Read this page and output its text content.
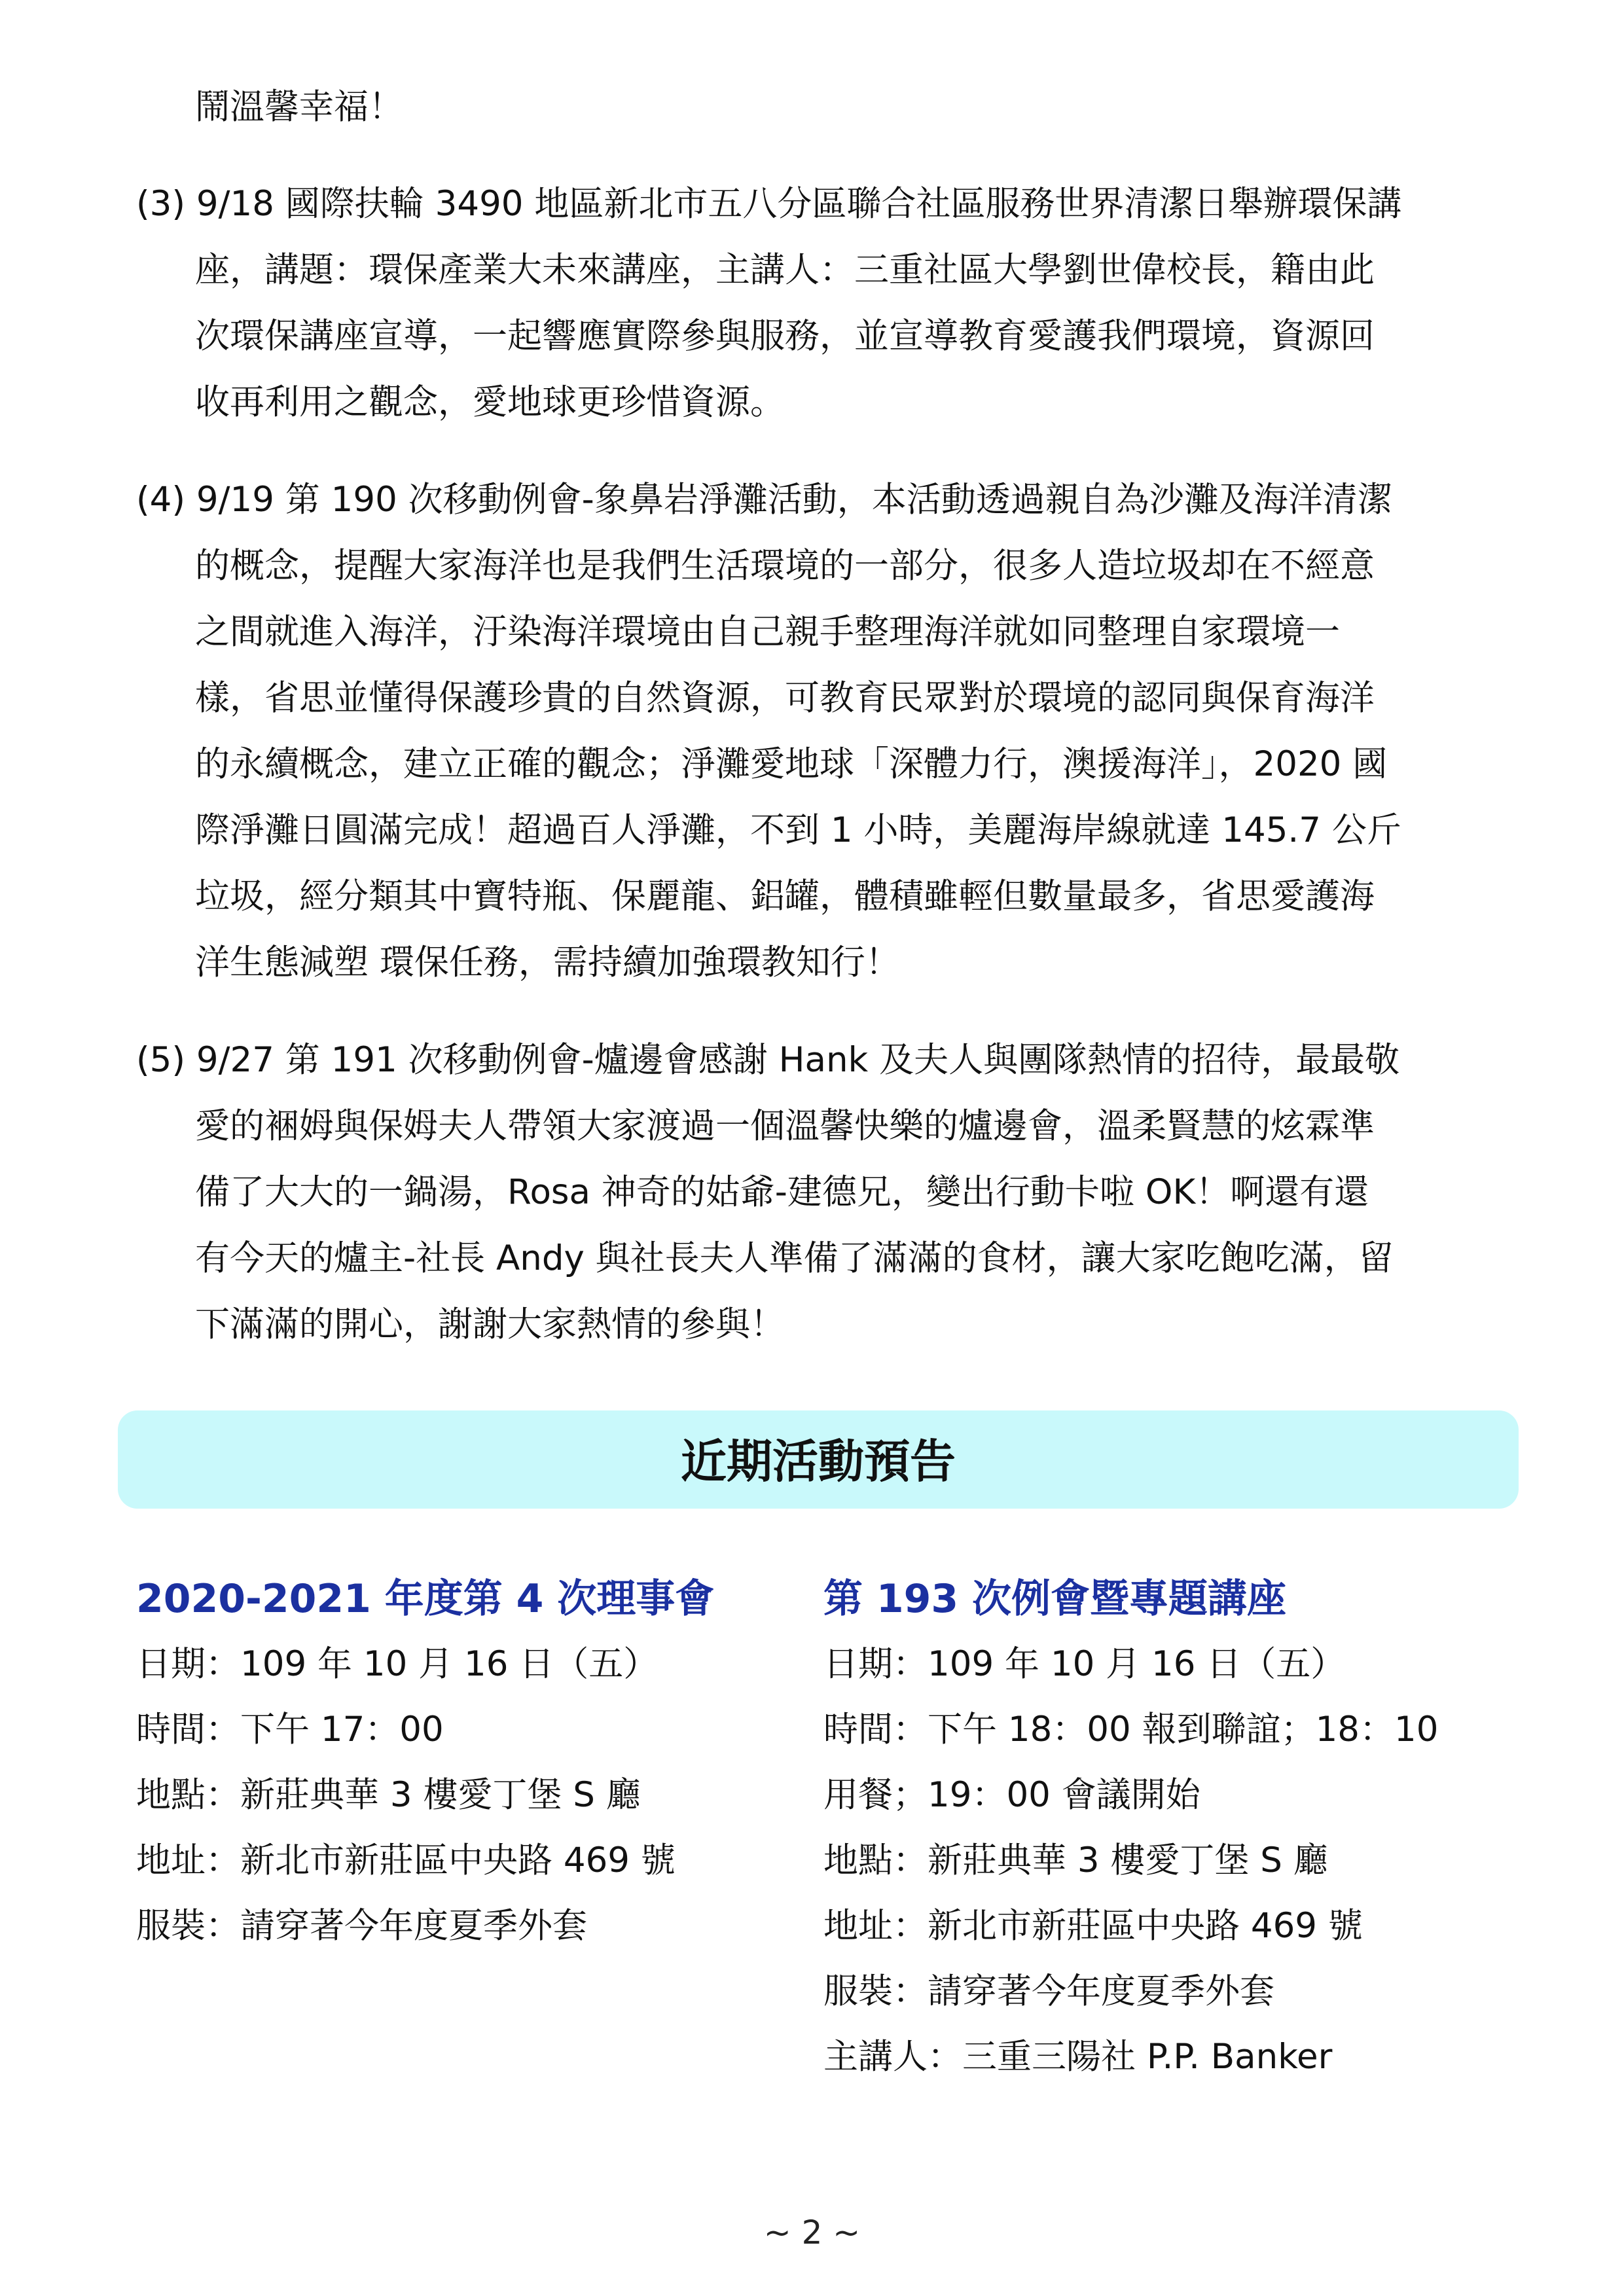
鬧溫馨幸福！
(3) 9/18 國際扶輪 3490 地區新北市五八分區聯合社區服務世界清潔日舉辦環保講
座，講題：環保產業大未來講座，主講人：三重社區大學劉世偉校長，籍由此
次環保講座宣導，一起響應實際參與服務，並宣導教育愛護我們環境，資源回
收再利用之觀念，愛地球更珍惜資源。
(4) 9/19 第 190 次移動例會-象鼻岩淨灘活動，本活動透過親自為沙灘及海洋清潔
的概念，提醒大家海洋也是我們生活環境的一部分，很多人造垃圾却在不經意
之間就進入海洋，汙染海洋環境由自己親手整理海洋就如同整理自家環境一
樣，省思並懂得保護珍貴的自然資源，可教育民眾對於環境的認同與保育海洋
的永續概念，建立正確的觀念；淨灘愛地球「深體力行，澳援海洋」，2020 國
際淨灘日圓滿完成！超過百人淨灘，不到 1 小時，美麗海岸線就達 145.7 公斤
垃圾，經分類其中寶特瓶、保麗龍、鋁罐，體積雖輕但數量最多，省思愛護海
洋生態減塑 環保任務，需持續加強環教知行！
(5) 9/27 第 191 次移動例會-爐邊會感謝 Hank 及夫人與團隊熱情的招待，最最敬
愛的裍姆與保姆夫人帶領大家渡過一個溫馨快樂的爐邊會，溫柔賢慧的炫霖準
備了大大的一鍋湯，Rosa 神奇的姑爺-建德兄，變出行動卡啦 OK！啊還有還
有今天的爐主-社長 Andy 與社長夫人準備了滿滿的食材，讓大家吃飽吃滿，留
下滿滿的開心，謝謝大家熱情的參與！
近期活動預告
2020-2021 年度第 4 次理事會
日期：109 年 10 月 16 日（五）
時間：下午 17：00
地點：新莊典華 3 樓愛丁堡 S 廳
地址：新北市新莊區中央路 469 號
服裝：請穿著今年度夏季外套
第 193 次例會暨專題講座
日期：109 年 10 月 16 日（五）
時間：下午 18：00 報到聯誼；18：10
用餐；19：00 會議開始
地點：新莊典華 3 樓愛丁堡 S 廳
地址：新北市新莊區中央路 469 號
服裝：請穿著今年度夏季外套
主講人：三重三陽社 P.P. Banker
~ 2 ~
